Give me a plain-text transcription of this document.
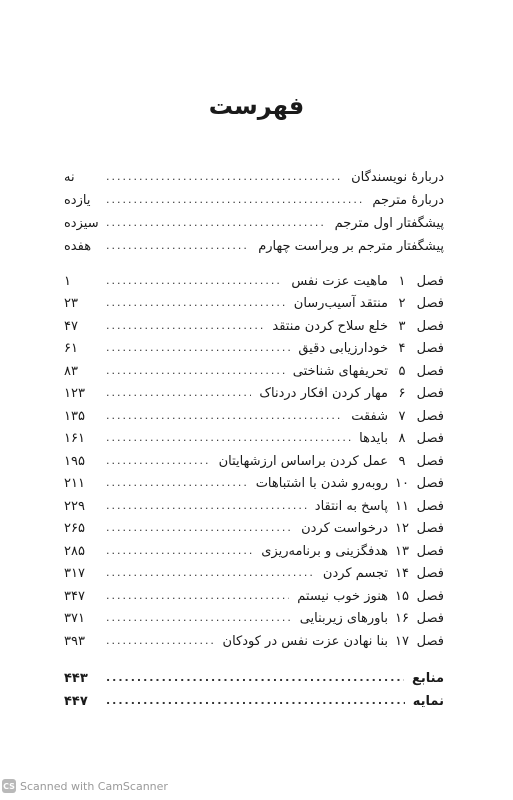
فهرست
دربارهٔ نویسندگان
.....
نه
دربارهٔ مترجم
.....
یازده
پیشگفتار اول مترجم
.....
سیزده
پیشگفتار مترجم بر ویراست چهارم
.....
هفده
فصل
۱
ماهیت عزت نفس
.....
۱
فصل
۲
منتقد آسیب‌رسان
.....
۲۳
فصل
۳
خلع سلاح کردن منتقد
.....
۴۷
فصل
۴
خودارزیابی دقیق
.....
۶۱
فصل
۵
تحریفهای شناختی
.....
۸۳
فصل
۶
مهار کردن افکار دردناک
.....
۱۲۳
فصل
۷
شفقت
.....
۱۳۵
فصل
۸
بایدها
.....
۱۶۱
فصل
۹
عمل کردن براساس ارزشهایتان
.....
۱۹۵
فصل
۱۰
روبه‌رو شدن با اشتباهات
.....
۲۱۱
فصل
۱۱
پاسخ به انتقاد
.....
۲۲۹
فصل
۱۲
درخواست کردن
.....
۲۶۵
فصل
۱۳
هدفگزینی و برنامه‌ریزی
.....
۲۸۵
فصل
۱۴
تجسم کردن
.....
۳۱۷
فصل
۱۵
هنوز خوب نیستم
.....
۳۴۷
فصل
۱۶
باورهای زیربنایی
.....
۳۷۱
فصل
۱۷
بنا نهادن عزت نفس در کودکان
.....
۳۹۳
منابع
.....
۴۴۳
نمایه
.....
۴۴۷
CS Scanned with CamScanner
